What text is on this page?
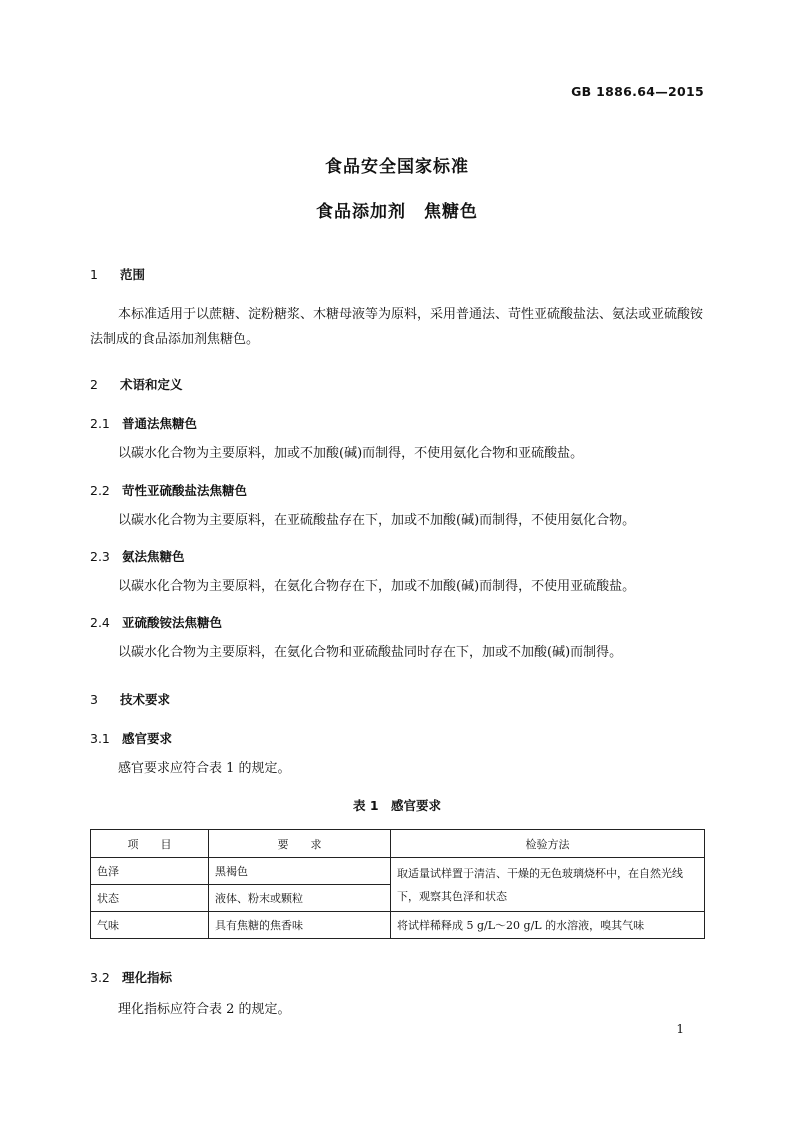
GB 1886.64—2015
食品安全国家标准
食品添加剂　焦糖色
1 范围
本标准适用于以蔗糖、淀粉糖浆、木糖母液等为原料，采用普通法、苛性亚硫酸盐法、氨法或亚硫酸铵法制成的食品添加剂焦糖色。
2 术语和定义
2.1 普通法焦糖色
以碳水化合物为主要原料，加或不加酸(碱)而制得，不使用氨化合物和亚硫酸盐。
2.2 苛性亚硫酸盐法焦糖色
以碳水化合物为主要原料，在亚硫酸盐存在下，加或不加酸(碱)而制得，不使用氨化合物。
2.3 氨法焦糖色
以碳水化合物为主要原料，在氨化合物存在下，加或不加酸(碱)而制得，不使用亚硫酸盐。
2.4 亚硫酸铵法焦糖色
以碳水化合物为主要原料，在氨化合物和亚硫酸盐同时存在下，加或不加酸(碱)而制得。
3 技术要求
3.1 感官要求
感官要求应符合表 1 的规定。
表 1　感官要求
项　　目	要　　求	检验方法
色泽	黑褐色	取适量试样置于清洁、干燥的无色玻璃烧杯中，在自然光线下，观察其色泽和状态
状态	液体、粉末或颗粒	
气味	具有焦糖的焦香味	将试样稀释成 5 g/L～20 g/L 的水溶液，嗅其气味
3.2 理化指标
理化指标应符合表 2 的规定。
1
